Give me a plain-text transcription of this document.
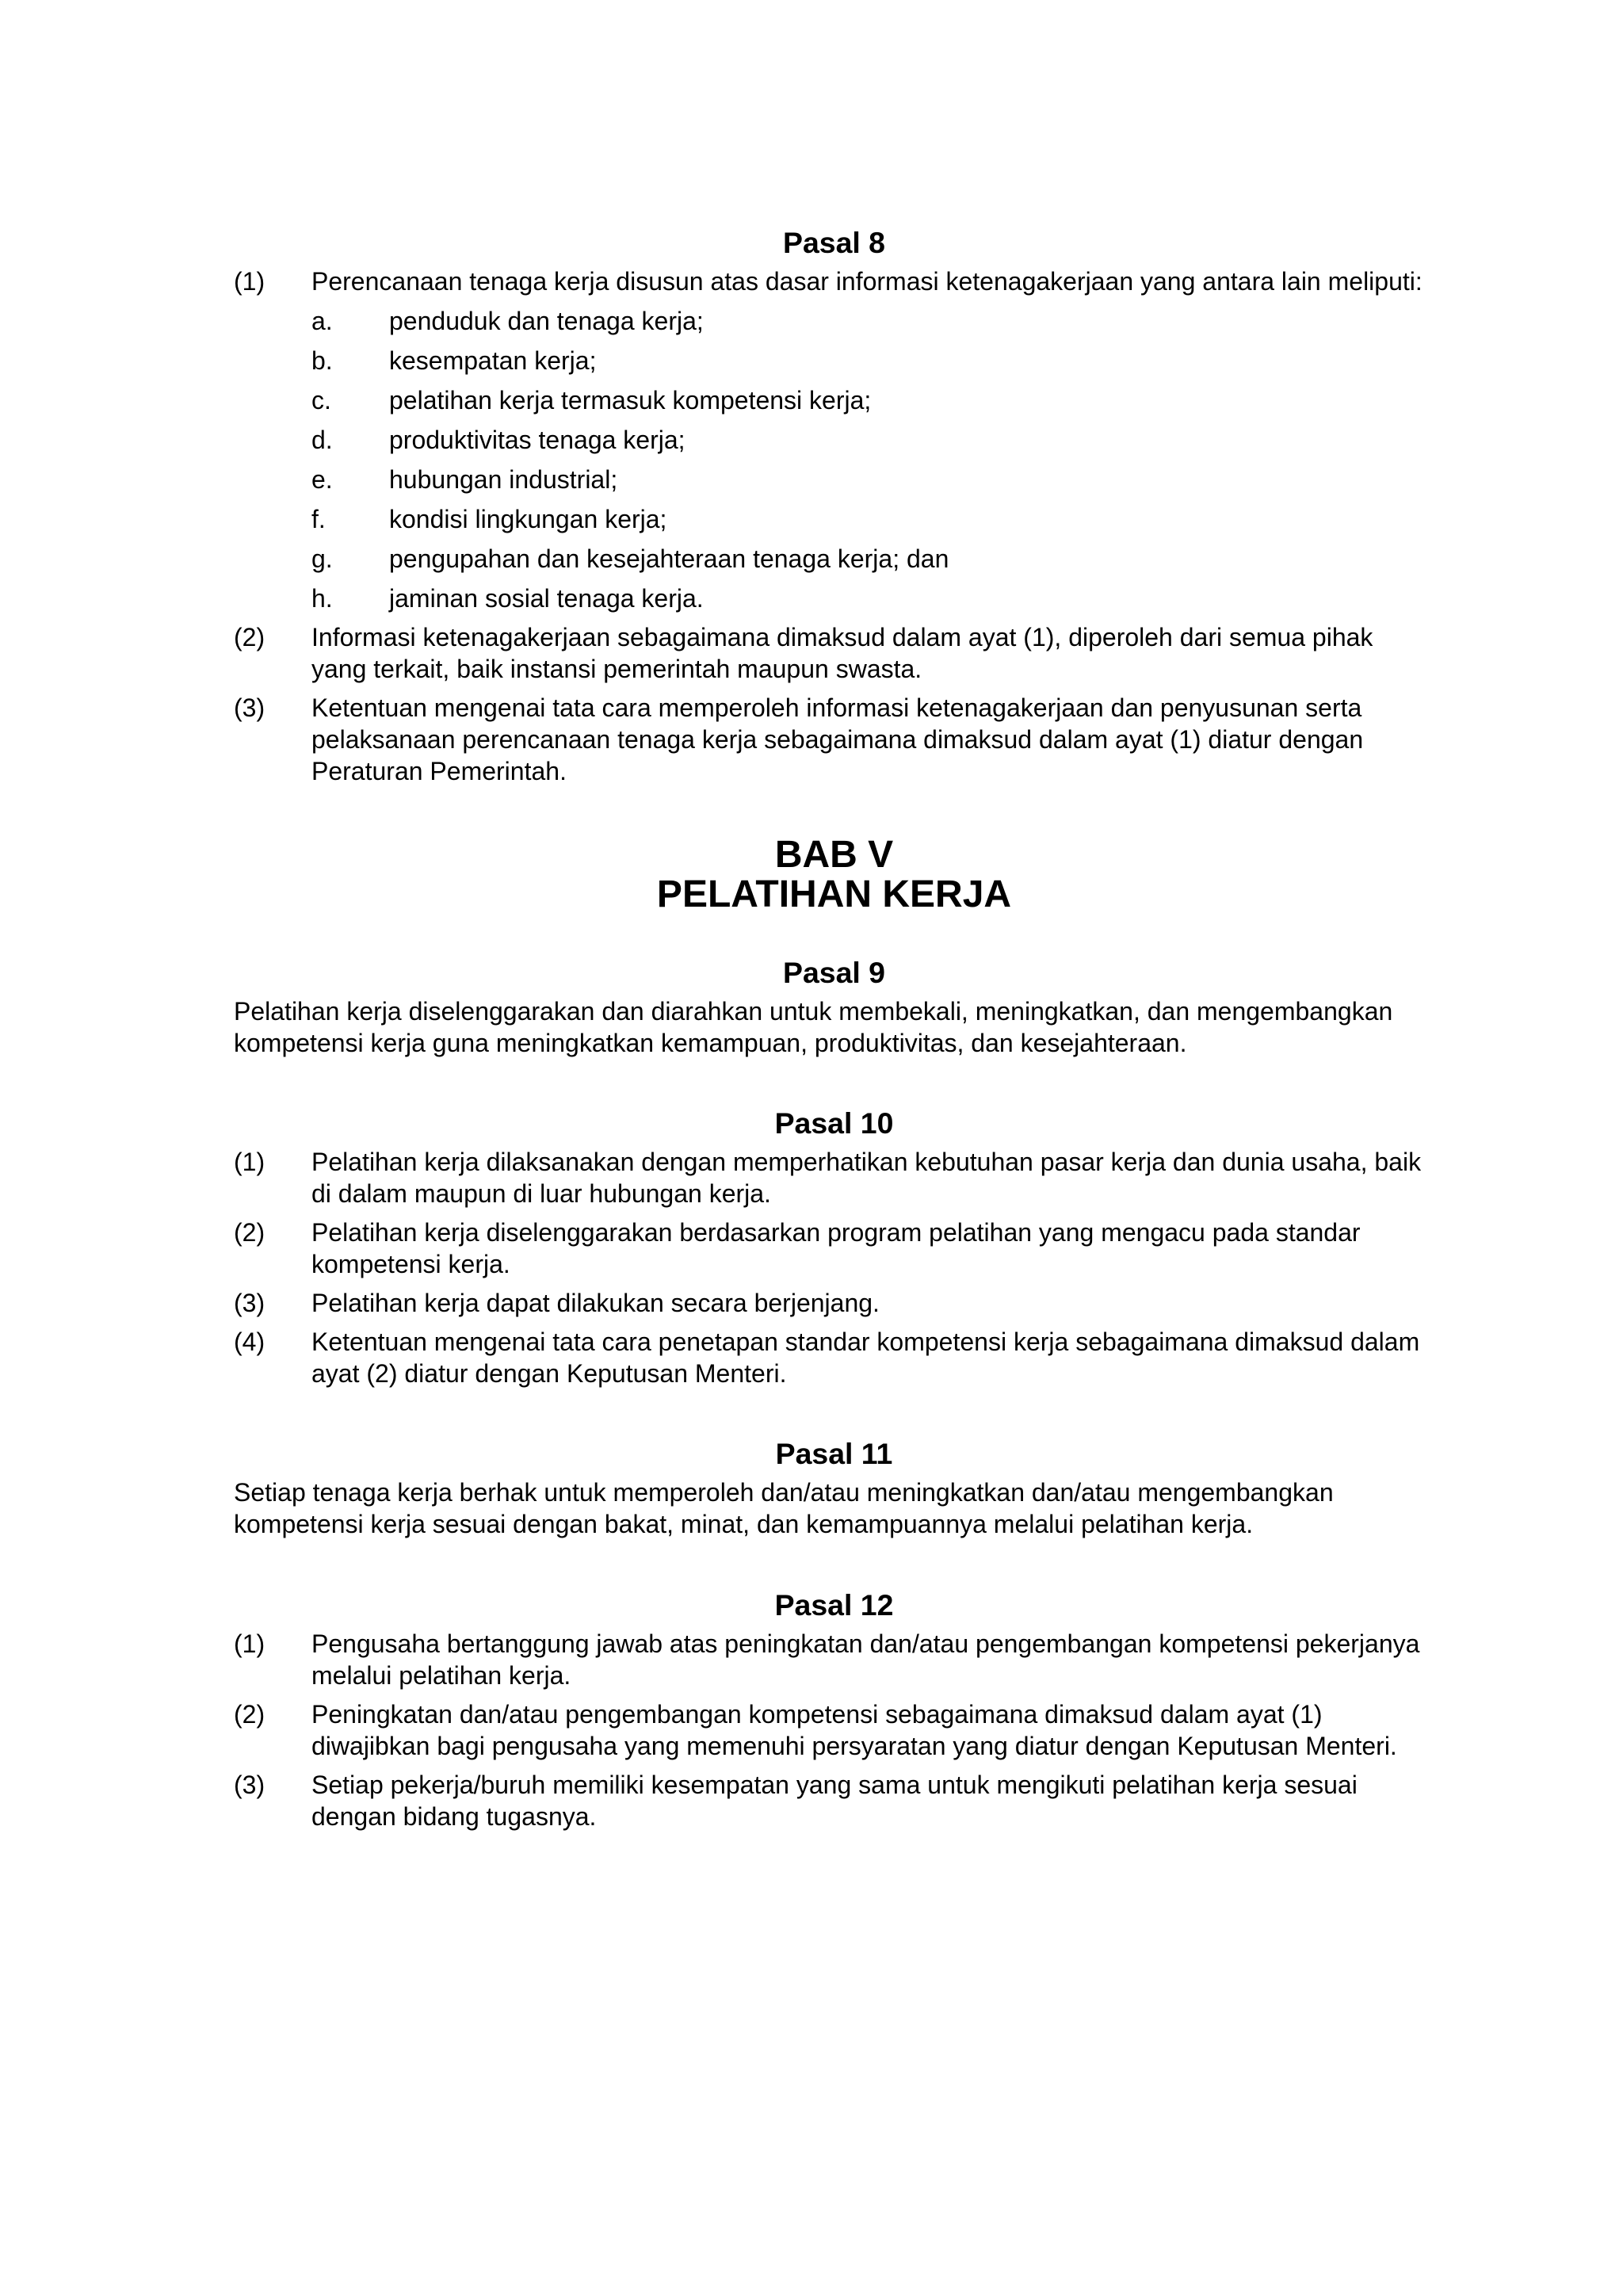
Pasal 8
(1)	Perencanaan tenaga kerja disusun atas dasar informasi ketenagakerjaan yang antara lain meliputi:
a.	penduduk dan tenaga kerja;
b.	kesempatan kerja;
c.	pelatihan kerja termasuk kompetensi kerja;
d.	produktivitas tenaga kerja;
e.	hubungan industrial;
f.	kondisi lingkungan kerja;
g.	pengupahan dan kesejahteraan tenaga kerja; dan
h.	jaminan sosial tenaga kerja.
(2)	Informasi ketenagakerjaan sebagaimana dimaksud dalam ayat (1), diperoleh dari semua pihak yang terkait, baik instansi pemerintah maupun swasta.
(3)	Ketentuan mengenai tata cara memperoleh informasi ketenagakerjaan dan penyusunan serta pelaksanaan perencanaan tenaga kerja sebagaimana dimaksud dalam ayat (1) diatur dengan Peraturan Pemerintah.
BAB V
PELATIHAN KERJA
Pasal 9

Pelatihan kerja diselenggarakan dan diarahkan untuk membekali, meningkatkan, dan mengembangkan kompetensi kerja guna meningkatkan kemampuan, produktivitas, dan kesejahteraan.

Pasal 10
(1)	Pelatihan kerja dilaksanakan dengan memperhatikan kebutuhan pasar kerja dan dunia usaha, baik di dalam maupun di luar hubungan kerja.
(2)	Pelatihan kerja diselenggarakan berdasarkan program pelatihan yang mengacu pada standar kompetensi kerja.
(3)	Pelatihan kerja dapat dilakukan secara berjenjang.
(4)	Ketentuan mengenai tata cara penetapan standar kompetensi kerja sebagaimana dimaksud dalam ayat (2) diatur dengan Keputusan Menteri.
Pasal 11

Setiap tenaga kerja berhak untuk memperoleh dan/atau meningkatkan dan/atau mengembangkan kompetensi kerja sesuai dengan bakat, minat, dan kemampuannya melalui pelatihan kerja.

Pasal 12
(1)	Pengusaha bertanggung jawab atas peningkatan dan/atau pengembangan kompetensi pekerjanya melalui pelatihan kerja.
(2)	Peningkatan dan/atau pengembangan kompetensi sebagaimana dimaksud dalam ayat (1) diwajibkan bagi pengusaha yang memenuhi persyaratan yang diatur dengan Keputusan Menteri.
(3)	Setiap pekerja/buruh memiliki kesempatan yang sama untuk mengikuti pelatihan kerja sesuai dengan bidang tugasnya.
